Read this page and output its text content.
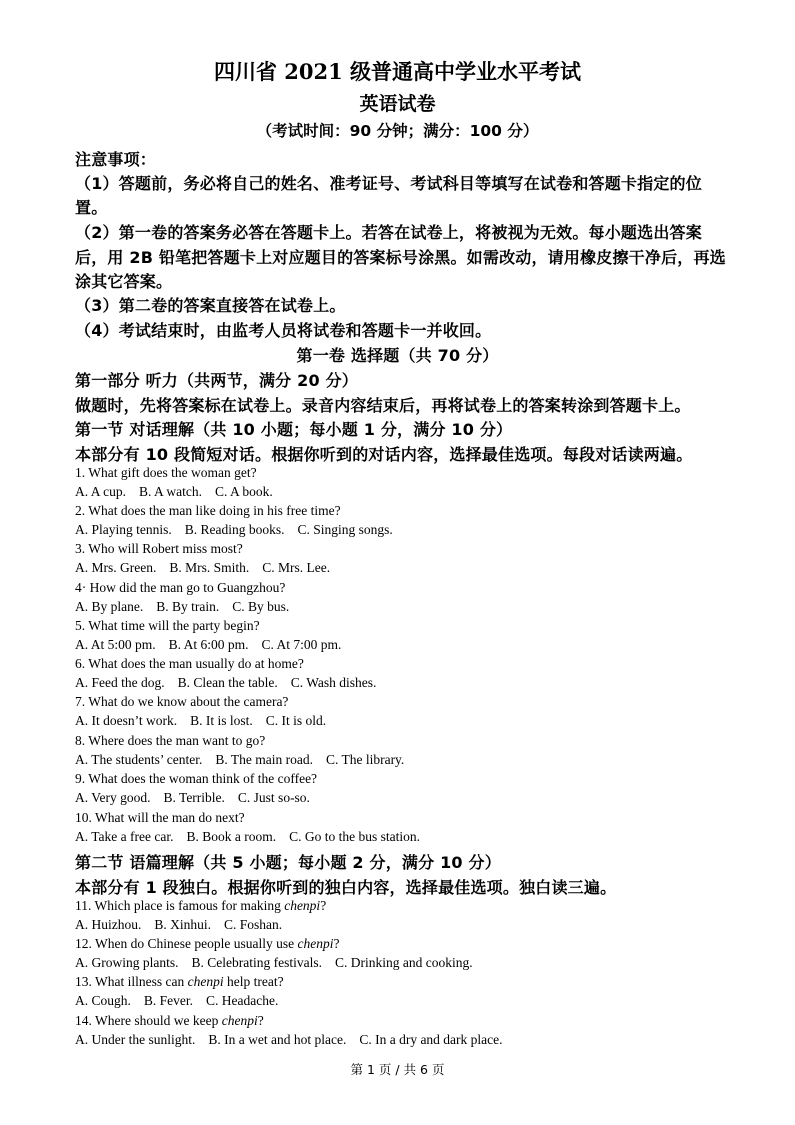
四川省 2021 级普通高中学业水平考试
英语试卷
（考试时间：90 分钟；满分：100 分）
注意事项：
（1）答题前，务必将自己的姓名、准考证号、考试科目等填写在试卷和答题卡指定的位
置。
（2）第一卷的答案务必答在答题卡上。若答在试卷上，将被视为无效。每小题选出答案
后，用 2B 铅笔把答题卡上对应题目的答案标号涂黑。如需改动，请用橡皮擦干净后，再选
涂其它答案。
（3）第二卷的答案直接答在试卷上。
（4）考试结束时，由监考人员将试卷和答题卡一并收回。
第一卷 选择题（共 70 分）
第一部分 听力（共两节，满分 20 分）
做题时，先将答案标在试卷上。录音内容结束后，再将试卷上的答案转涂到答题卡上。
第一节 对话理解（共 10 小题；每小题 1 分，满分 10 分）
本部分有 10 段简短对话。根据你听到的对话内容，选择最佳选项。每段对话读两遍。
1. What gift does the woman get?
A. A cup. B. A watch. C. A book.
2. What does the man like doing in his free time?
A. Playing tennis. B. Reading books. C. Singing songs.
3. Who will Robert miss most?
A. Mrs. Green. B. Mrs. Smith. C. Mrs. Lee.
4· How did the man go to Guangzhou?
A. By plane. B. By train. C. By bus.
5. What time will the party begin?
A. At 5:00 pm. B. At 6:00 pm. C. At 7:00 pm.
6. What does the man usually do at home?
A. Feed the dog. B. Clean the table. C. Wash dishes.
7. What do we know about the camera?
A. It doesn’t work. B. It is lost. C. It is old.
8. Where does the man want to go?
A. The students’ center. B. The main road. C. The library.
9. What does the woman think of the coffee?
A. Very good. B. Terrible. C. Just so-so.
10. What will the man do next?
A. Take a free car. B. Book a room. C. Go to the bus station.
第二节 语篇理解（共 5 小题；每小题 2 分，满分 10 分）
本部分有 1 段独白。根据你听到的独白内容，选择最佳选项。独白读三遍。
11. Which place is famous for making chenpi?
A. Huizhou. B. Xinhui. C. Foshan.
12. When do Chinese people usually use chenpi?
A. Growing plants. B. Celebrating festivals. C. Drinking and cooking.
13. What illness can chenpi help treat?
A. Cough. B. Fever. C. Headache.
14. Where should we keep chenpi?
A. Under the sunlight. B. In a wet and hot place. C. In a dry and dark place.
第 1 页 / 共 6 页
